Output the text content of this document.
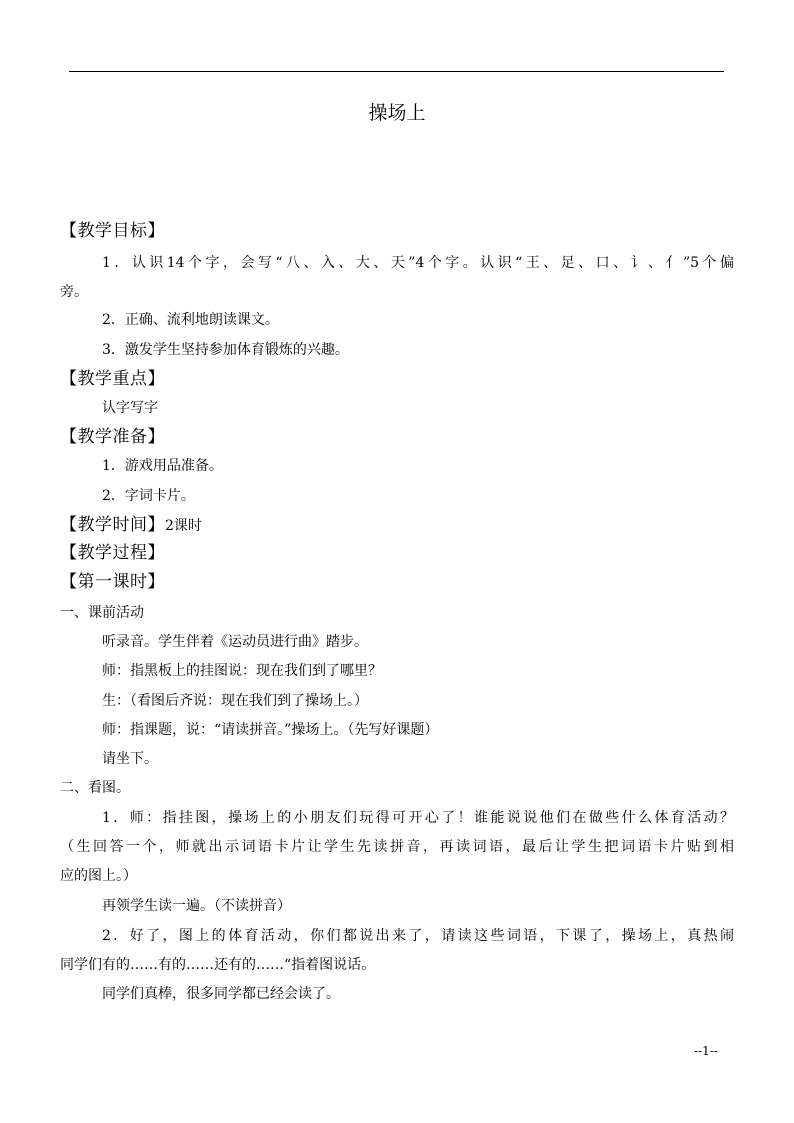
操场上
【教学目标】
1．认识14个字，会写“八、入、大、天”4个字。认识“王、足、口、讠、亻”5个偏
旁。
2．正确、流利地朗读课文。
3．激发学生坚持参加体育锻炼的兴趣。
【教学重点】
认字写字
【教学准备】
1．游戏用品准备。
2．字词卡片。
【教学时间】2课时
【教学过程】
【第一课时】
一、课前活动
听录音。学生伴着《运动员进行曲》踏步。
师：指黑板上的挂图说：现在我们到了哪里？
生：（看图后齐说：现在我们到了操场上。）
师：指课题，说：“请读拼音。”操场上。（先写好课题）
请坐下。
二、看图。
1．师：指挂图，操场上的小朋友们玩得可开心了！谁能说说他们在做些什么体育活动？
（生回答一个，师就出示词语卡片让学生先读拼音，再读词语，最后让学生把词语卡片贴到相
应的图上。）
再领学生读一遍。（不读拼音）
2．好了，图上的体育活动，你们都说出来了，请读这些词语，下课了，操场上，真热闹
同学们有的……有的……还有的……“指着图说话。
同学们真棒，很多同学都已经会读了。
--1--
